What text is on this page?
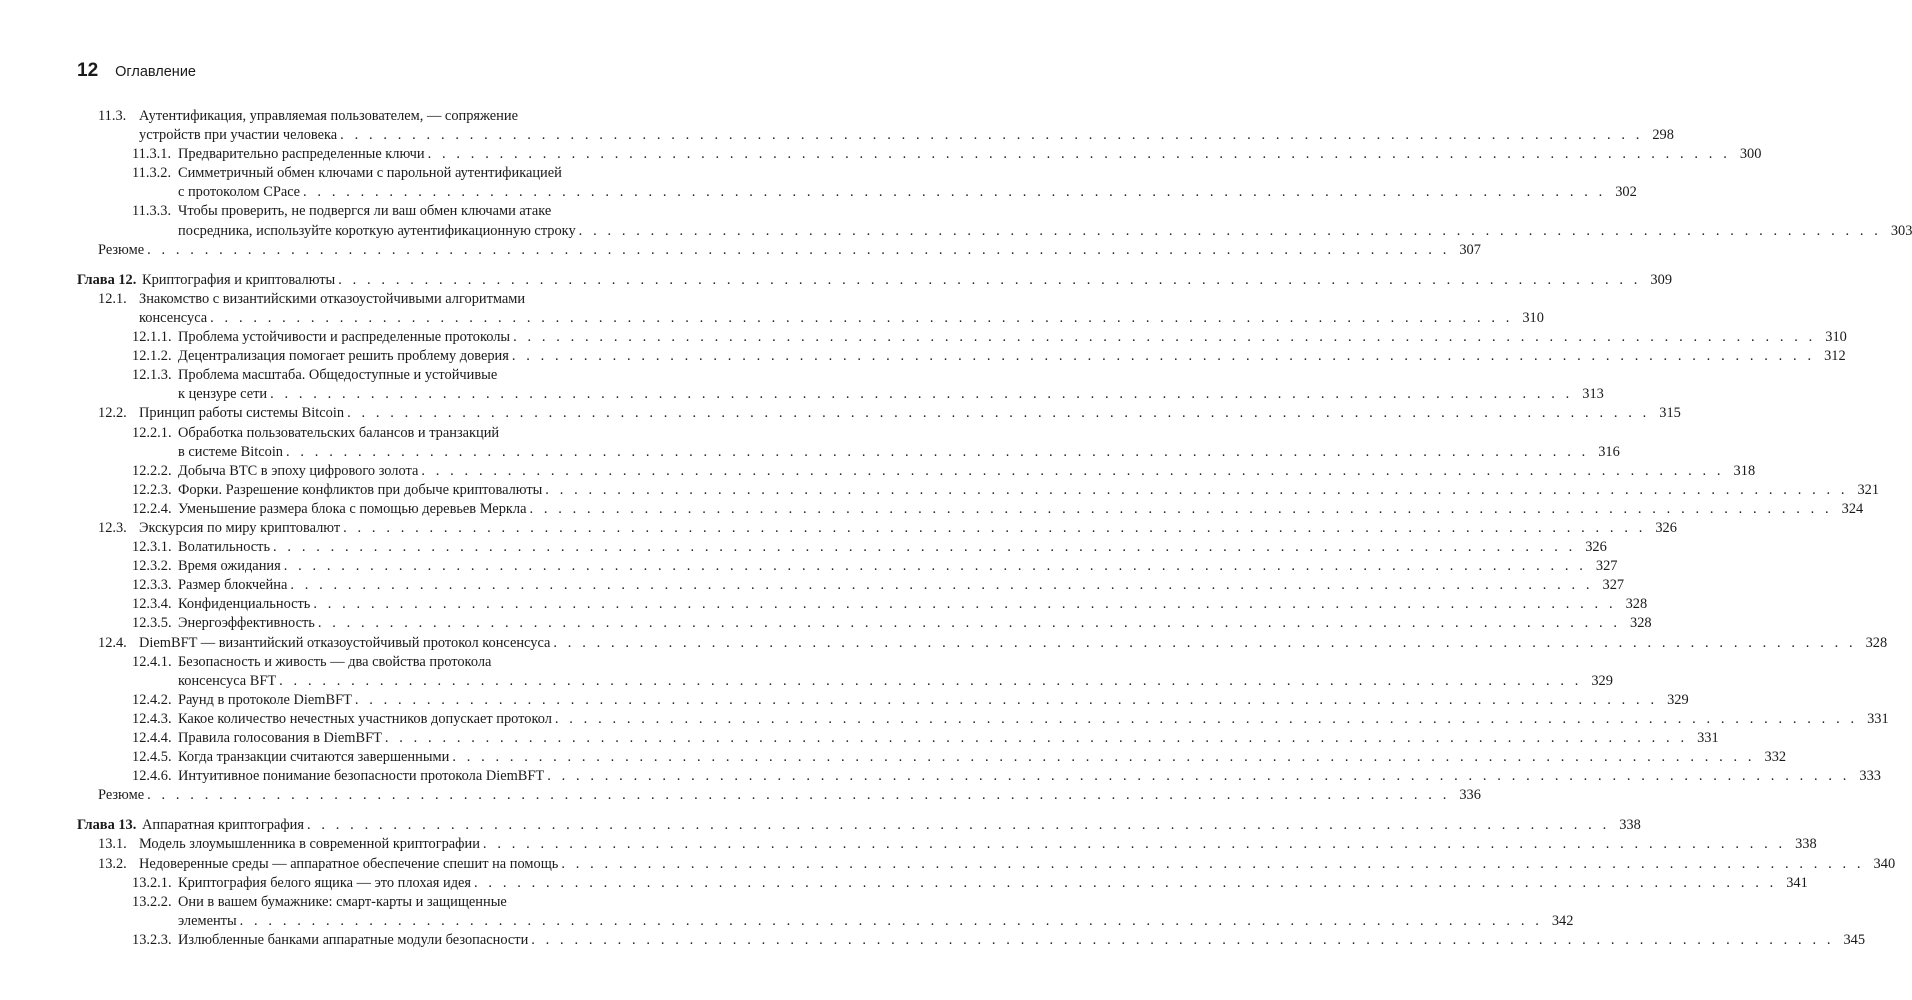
12 Оглавление
11.3. Аутентификация, управляемая пользователем, — сопряжение
устройств при участии человека . . .	298
11.3.1. Предварительно распределенные ключи . . .	300
11.3.2. Симметричный обмен ключами с парольной аутентификацией
с протоколом CPace . . .	302
11.3.3. Чтобы проверить, не подвергся ли ваш обмен ключами атаке
посредника, используйте короткую аутентификационную строку . . .	303
Резюме . . .	307
Глава 12. Криптография и криптовалюты . . .	309
12.1. Знакомство с византийскими отказоустойчивыми алгоритмами
консенсуса . . .	310
12.1.1. Проблема устойчивости и распределенные протоколы . . .	310
12.1.2. Децентрализация помогает решить проблему доверия . . .	312
12.1.3. Проблема масштаба. Общедоступные и устойчивые
к цензуре сети . . .	313
12.2. Принцип работы системы Bitcoin . . .	315
12.2.1. Обработка пользовательских балансов и транзакций
в системе Bitcoin . . .	316
12.2.2. Добыча BTC в эпоху цифрового золота . . .	318
12.2.3. Форки. Разрешение конфликтов при добыче криптовалюты . . .	321
12.2.4. Уменьшение размера блока с помощью деревьев Меркла . . .	324
12.3. Экскурсия по миру криптовалют . . .	326
12.3.1. Волатильность . . .	326
12.3.2. Время ожидания . . .	327
12.3.3. Размер блокчейна . . .	327
12.3.4. Конфиденциальность . . .	328
12.3.5. Энергоэффективность . . .	328
12.4. DiemBFT — византийский отказоустойчивый протокол консенсуса . . .	328
12.4.1. Безопасность и живость — два свойства протокола
консенсуса BFT . . .	329
12.4.2. Раунд в протоколе DiemBFT . . .	329
12.4.3. Какое количество нечестных участников допускает протокол . . .	331
12.4.4. Правила голосования в DiemBFT . . .	331
12.4.5. Когда транзакции считаются завершенными . . .	332
12.4.6. Интуитивное понимание безопасности протокола DiemBFT . . .	333
Резюме . . .	336
Глава 13. Аппаратная криптография . . .	338
13.1. Модель злоумышленника в современной криптографии . . .	338
13.2. Недоверенные среды — аппаратное обеспечение спешит на помощь . . .	340
13.2.1. Криптография белого ящика — это плохая идея . . .	341
13.2.2. Они в вашем бумажнике: смарт-карты и защищенные
элементы . . .	342
13.2.3. Излюбленные банками аппаратные модули безопасности . . .	345
